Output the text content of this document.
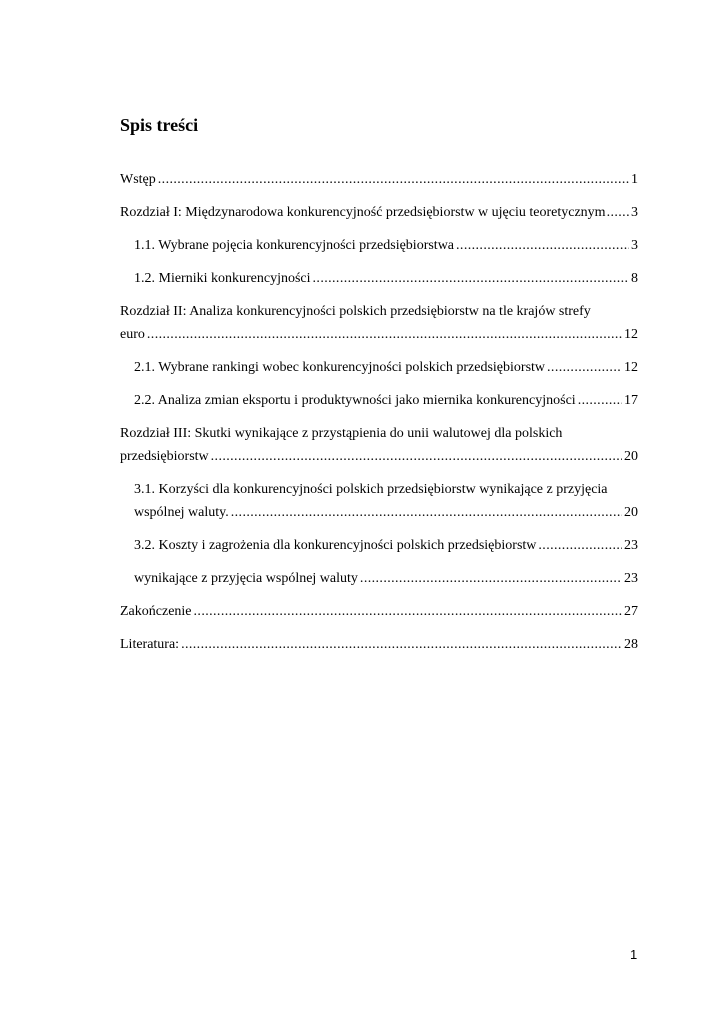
Spis treści
Wstęp .....	1
Rozdział I: Międzynarodowa konkurencyjność przedsiębiorstw w ujęciu teoretycznym ..... 3
1.1. Wybrane pojęcia konkurencyjności przedsiębiorstwa .....	3
1.2. Mierniki konkurencyjności .....	8
Rozdział II: Analiza konkurencyjności polskich przedsiębiorstw na tle krajów strefy
euro .....	12
2.1. Wybrane rankingi wobec konkurencyjności polskich przedsiębiorstw .....	12
2.2. Analiza zmian eksportu i produktywności jako miernika konkurencyjności .....	17
Rozdział III: Skutki wynikające z przystąpienia do unii walutowej dla polskich
przedsiębiorstw .....	20
3.1. Korzyści dla konkurencyjności polskich przedsiębiorstw wynikające z przyjęcia
wspólnej waluty. .....	20
3.2. Koszty i zagrożenia dla konkurencyjności polskich przedsiębiorstw .....	23
wynikające z przyjęcia wspólnej waluty .....	23
Zakończenie .....	27
Literatura: .....	28
1
